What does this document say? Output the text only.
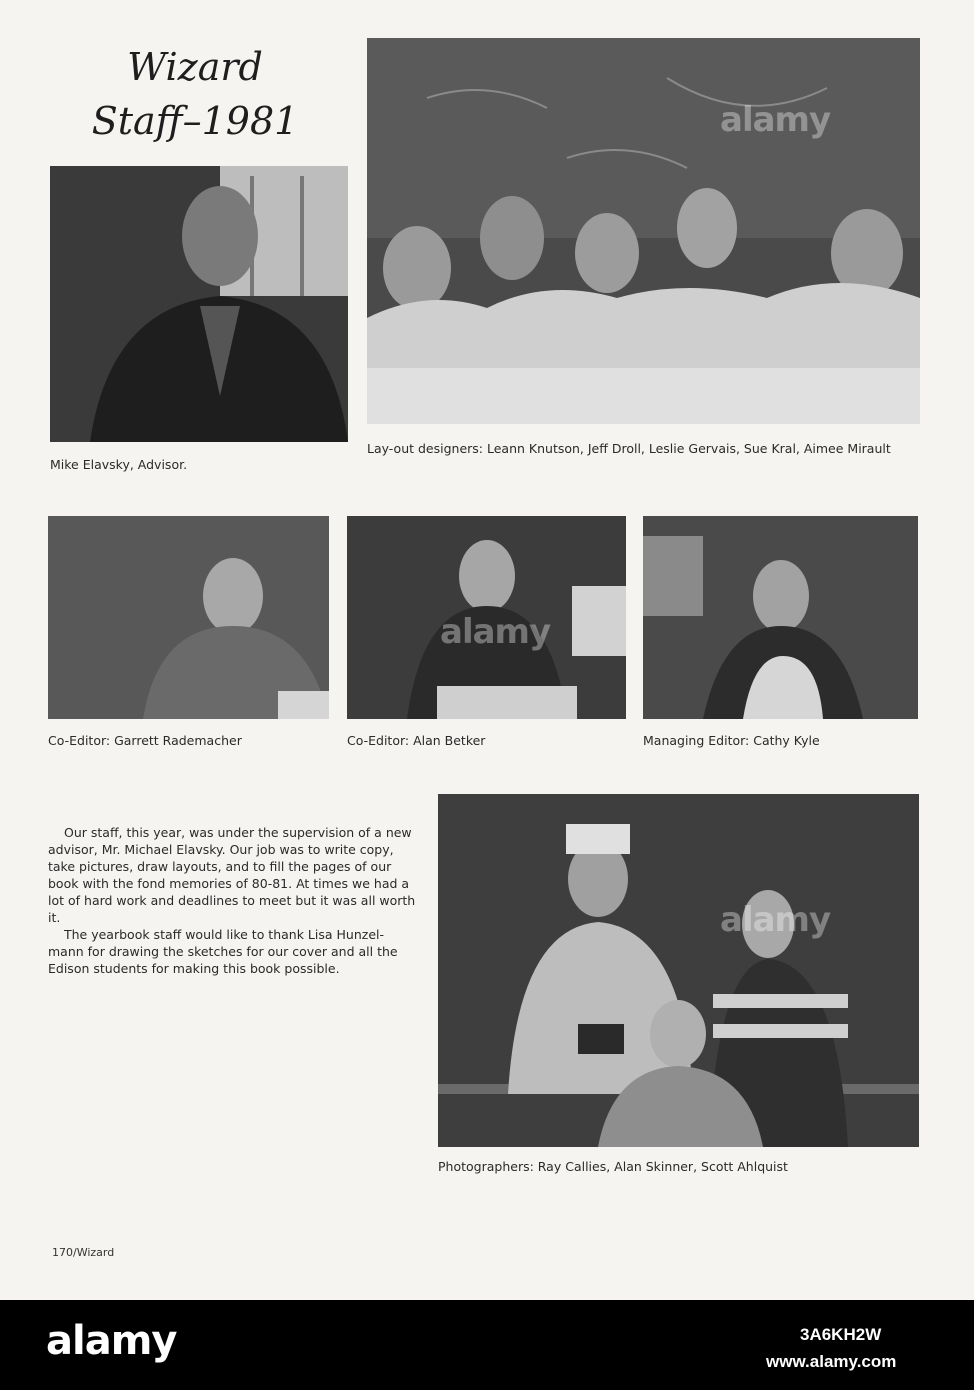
Wizard
Staff–1981
Mike Elavsky, Advisor.
Lay-out designers: Leann Knutson, Jeff Droll, Leslie Gervais, Sue Kral, Aimee Mirault
Co-Editor: Garrett Rademacher	Co-Editor: Alan Betker	Managing Editor: Cathy Kyle

Our staff, this year, was under the supervision of a new advisor, Mr. Michael Elavsky. Our job was to write copy, take pictures, draw layouts, and to fill the pages of our book with the fond memories of 80-81. At times we had a lot of hard work and deadlines to meet but it was all worth it.

The yearbook staff would like to thank Lisa Hunzel-mann for drawing the sketches for our cover and all the Edison students for making this book possible.

Photographers: Ray Callies, Alan Skinner, Scott Ahlquist
170/Wizard
alamy
alamy
alamy
alamy	3A6KH2W
www.alamy.com
